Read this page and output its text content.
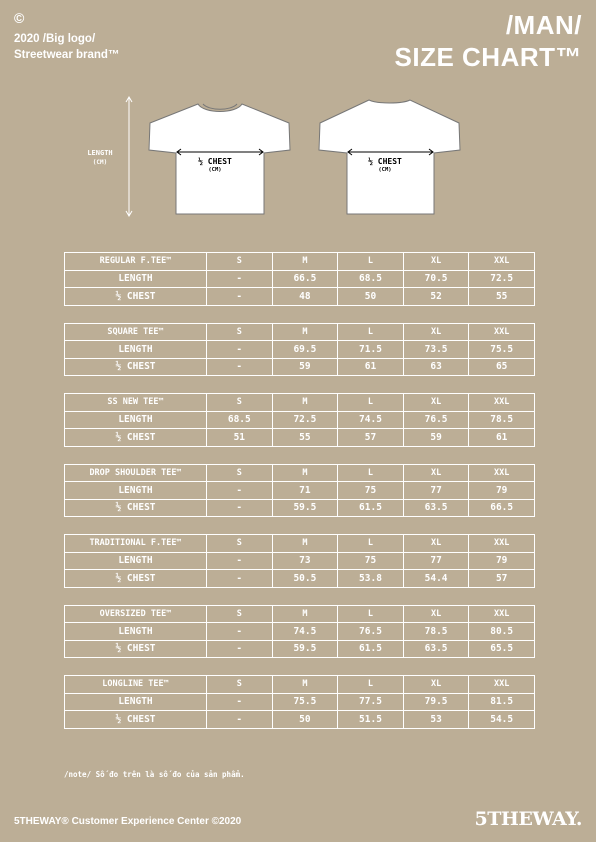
©
2020 /Big logo/
Streetwear brand™
/MAN/
SIZE CHART™
LENGTH
(CM)	½ CHEST
(CM)
½ CHEST
(CM)
REGULAR F.TEE™	S	M	L	XL	XXL
LENGTH	-	66.5	68.5	70.5	72.5
½ CHEST	-	48	50	52	55
SQUARE TEE™	S	M	L	XL	XXL
LENGTH	-	69.5	71.5	73.5	75.5
½ CHEST	-	59	61	63	65
SS NEW TEE™	S	M	L	XL	XXL
LENGTH	68.5	72.5	74.5	76.5	78.5
½ CHEST	51	55	57	59	61
DROP SHOULDER TEE™	S	M	L	XL	XXL
LENGTH	-	71	75	77	79
½ CHEST	-	59.5	61.5	63.5	66.5
TRADITIONAL F.TEE™	S	M	L	XL	XXL
LENGTH	-	73	75	77	79
½ CHEST	-	50.5	53.8	54.4	57
OVERSIZED TEE™	S	M	L	XL	XXL
LENGTH	-	74.5	76.5	78.5	80.5
½ CHEST	-	59.5	61.5	63.5	65.5
LONGLINE TEE™	S	M	L	XL	XXL
LENGTH	-	75.5	77.5	79.5	81.5
½ CHEST	-	50	51.5	53	54.5
/note/ Số đo trên là số đo của sản phẩm.
5THEWAY® Customer Experience Center ©2020	5THEWAY.
